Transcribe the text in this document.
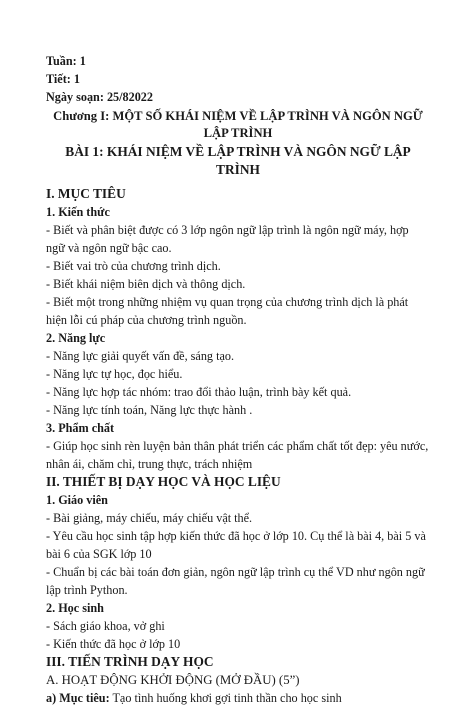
Tuần: 1
Tiết: 1
Ngày soạn: 25/82022
Chương I: MỘT SỐ KHÁI NIỆM VỀ LẬP TRÌNH VÀ NGÔN NGỮ LẬP TRÌNH
BÀI 1: KHÁI NIỆM VỀ LẬP TRÌNH VÀ NGÔN NGỮ LẬP TRÌNH
I. MỤC TIÊU
1. Kiến thức
- Biết và phân biệt được có 3 lớp ngôn ngữ lập trình là ngôn ngữ máy, hợp ngữ và ngôn ngữ bậc cao.
- Biết vai trò của chương trình dịch.
- Biết khái niệm biên dịch và thông dịch.
- Biết một trong những nhiệm vụ quan trọng của chương trình dịch là phát hiện lỗi cú pháp của chương trình nguồn.
2. Năng lực
- Năng lực giải quyết vấn đề, sáng tạo.
- Năng lực tự học, đọc hiểu.
- Năng lực hợp tác nhóm: trao đổi thảo luận, trình bày kết quả.
- Năng lực tính toán, Năng lực thực hành .
3. Phẩm chất
- Giúp học sinh rèn luyện bản thân phát triển các phẩm chất tốt đẹp: yêu nước, nhân ái, chăm chỉ, trung thực, trách nhiệm
II. THIẾT BỊ DẠY HỌC VÀ HỌC LIỆU
1. Giáo viên
- Bài giảng, máy chiếu, máy chiếu vật thể.
- Yêu cầu học sinh tập hợp kiến thức đã học ở lớp 10. Cụ thể là bài 4, bài 5 và bài 6 của SGK lớp 10
- Chuẩn bị các bài toán đơn giản, ngôn ngữ lập trình cụ thể VD như ngôn ngữ lập trình Python.
2. Học sinh
- Sách giáo khoa, vở ghi
- Kiến thức đã học ở lớp 10
III. TIẾN TRÌNH DẠY HỌC
A. HOẠT ĐỘNG KHỞI ĐỘNG (MỞ ĐẦU) (5”)
a) Mục tiêu: Tạo tình huống khơi gợi tinh thần cho học sinh
